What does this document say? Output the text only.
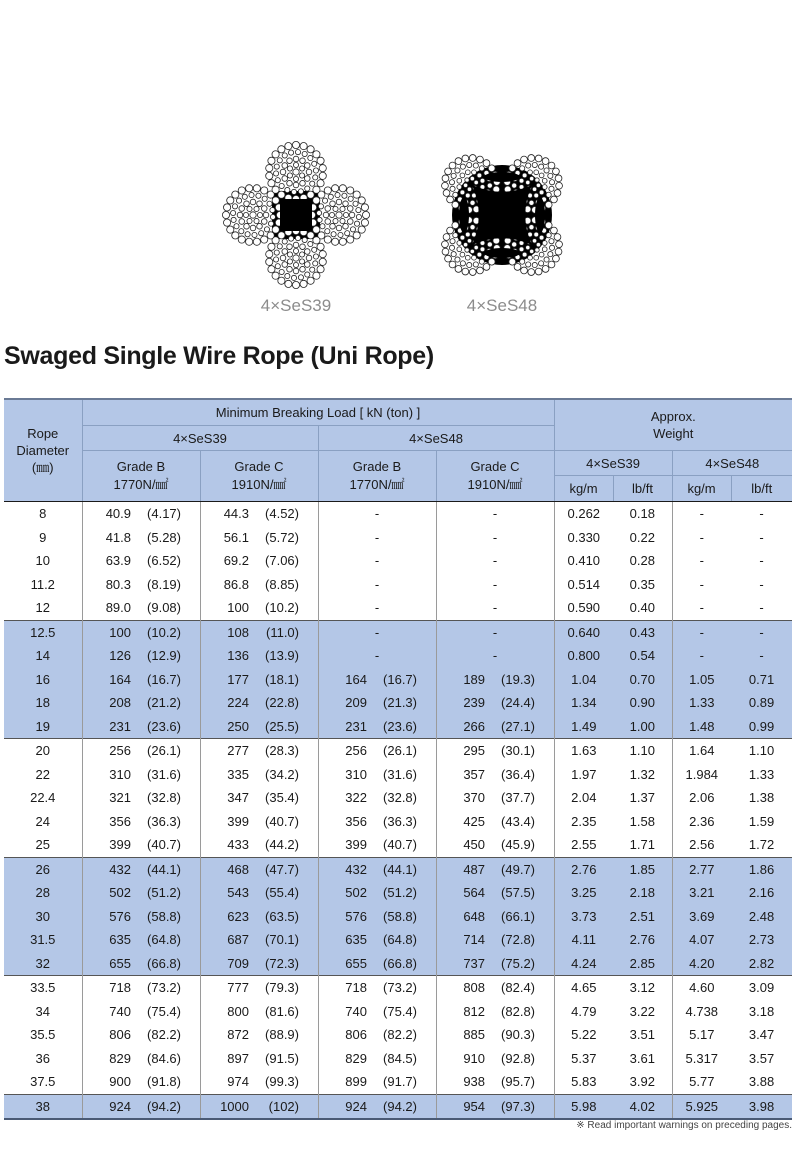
4×SeS39	4×SeS48
Swaged Single Wire Rope (Uni Rope)
Rope
Diameter
(㎜)	Minimum Breaking Load [ kN (ton) ]				Approx.
Weight			
	4×SeS39		4×SeS48					
	Grade B
1770N/㎟	Grade C
1910N/㎟	Grade B
1770N/㎟	Grade C
1910N/㎟	4×SeS39		4×SeS48	
					kg/m	lb/ft	kg/m	lb/ft
8	40.9 (4.17)	44.3 (4.52)	-	-	0.262	0.18	-	-
9	41.8 (5.28)	56.1 (5.72)	-	-	0.330	0.22	-	-
10	63.9 (6.52)	69.2 (7.06)	-	-	0.410	0.28	-	-
11.2	80.3 (8.19)	86.8 (8.85)	-	-	0.514	0.35	-	-
12	89.0 (9.08)	100 (10.2)	-	-	0.590	0.40	-	-
12.5	100 (10.2)	108 (11.0)	-	-	0.640	0.43	-	-
14	126 (12.9)	136 (13.9)	-	-	0.800	0.54	-	-
16	164 (16.7)	177 (18.1)	164 (16.7)	189 (19.3)	1.04	0.70	1.05	0.71
18	208 (21.2)	224 (22.8)	209 (21.3)	239 (24.4)	1.34	0.90	1.33	0.89
19	231 (23.6)	250 (25.5)	231 (23.6)	266 (27.1)	1.49	1.00	1.48	0.99
20	256 (26.1)	277 (28.3)	256 (26.1)	295 (30.1)	1.63	1.10	1.64	1.10
22	310 (31.6)	335 (34.2)	310 (31.6)	357 (36.4)	1.97	1.32	1.984	1.33
22.4	321 (32.8)	347 (35.4)	322 (32.8)	370 (37.7)	2.04	1.37	2.06	1.38
24	356 (36.3)	399 (40.7)	356 (36.3)	425 (43.4)	2.35	1.58	2.36	1.59
25	399 (40.7)	433 (44.2)	399 (40.7)	450 (45.9)	2.55	1.71	2.56	1.72
26	432 (44.1)	468 (47.7)	432 (44.1)	487 (49.7)	2.76	1.85	2.77	1.86
28	502 (51.2)	543 (55.4)	502 (51.2)	564 (57.5)	3.25	2.18	3.21	2.16
30	576 (58.8)	623 (63.5)	576 (58.8)	648 (66.1)	3.73	2.51	3.69	2.48
31.5	635 (64.8)	687 (70.1)	635 (64.8)	714 (72.8)	4.11	2.76	4.07	2.73
32	655 (66.8)	709 (72.3)	655 (66.8)	737 (75.2)	4.24	2.85	4.20	2.82
33.5	718 (73.2)	777 (79.3)	718 (73.2)	808 (82.4)	4.65	3.12	4.60	3.09
34	740 (75.4)	800 (81.6)	740 (75.4)	812 (82.8)	4.79	3.22	4.738	3.18
35.5	806 (82.2)	872 (88.9)	806 (82.2)	885 (90.3)	5.22	3.51	5.17	3.47
36	829 (84.6)	897 (91.5)	829 (84.5)	910 (92.8)	5.37	3.61	5.317	3.57
37.5	900 (91.8)	974 (99.3)	899 (91.7)	938 (95.7)	5.83	3.92	5.77	3.88
38	924 (94.2)	1000 (102)	924 (94.2)	954 (97.3)	5.98	4.02	5.925	3.98
※ Read important warnings on preceding pages.
